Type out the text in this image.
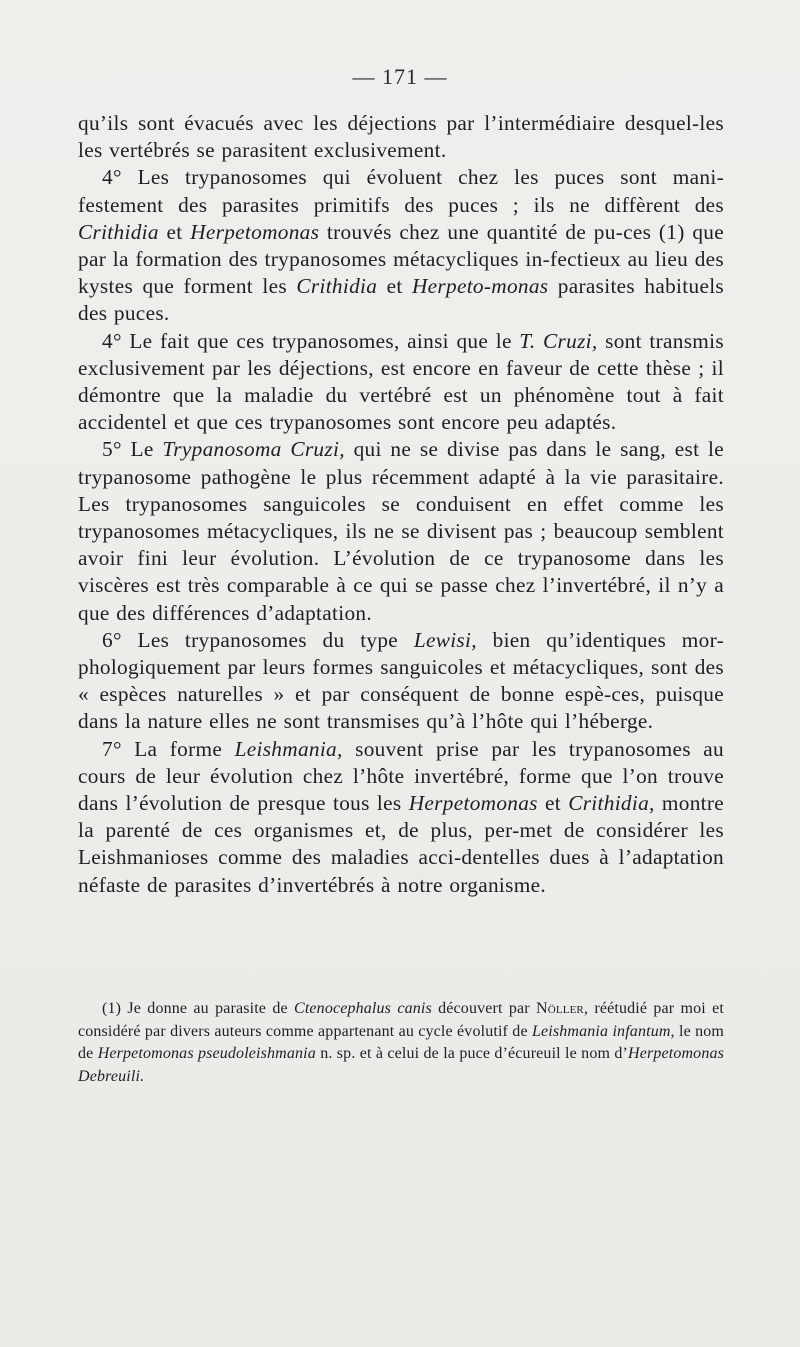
— 171 —

qu’ils sont évacués avec les déjections par l’intermédiaire desquel-les les vertébrés se parasitent exclusivement.

4° Les trypanosomes qui évoluent chez les puces sont mani-festement des parasites primitifs des puces ; ils ne diffèrent des Crithidia et Herpetomonas trouvés chez une quantité de pu-ces (1) que par la formation des trypanosomes métacycliques in-fectieux au lieu des kystes que forment les Crithidia et Herpeto-monas parasites habituels des puces.

4° Le fait que ces trypanosomes, ainsi que le T. Cruzi, sont transmis exclusivement par les déjections, est encore en faveur de cette thèse ; il démontre que la maladie du vertébré est un phénomène tout à fait accidentel et que ces trypanosomes sont encore peu adaptés.

5° Le Trypanosoma Cruzi, qui ne se divise pas dans le sang, est le trypanosome pathogène le plus récemment adapté à la vie parasitaire. Les trypanosomes sanguicoles se conduisent en effet comme les trypanosomes métacycliques, ils ne se divisent pas ; beaucoup semblent avoir fini leur évolution. L’évolution de ce trypanosome dans les viscères est très comparable à ce qui se passe chez l’invertébré, il n’y a que des différences d’adaptation.

6° Les trypanosomes du type Lewisi, bien qu’identiques mor-phologiquement par leurs formes sanguicoles et métacycliques, sont des « espèces naturelles » et par conséquent de bonne espè-ces, puisque dans la nature elles ne sont transmises qu’à l’hôte qui l’héberge.

7° La forme Leishmania, souvent prise par les trypanosomes au cours de leur évolution chez l’hôte invertébré, forme que l’on trouve dans l’évolution de presque tous les Herpetomonas et Crithidia, montre la parenté de ces organismes et, de plus, per-met de considérer les Leishmanioses comme des maladies acci-dentelles dues à l’adaptation néfaste de parasites d’invertébrés à notre organisme.

(1) Je donne au parasite de Ctenocephalus canis découvert par Nöller, réétudié par moi et considéré par divers auteurs comme appartenant au cycle évolutif de Leishmania infantum, le nom de Herpetomonas pseudoleishmania n. sp. et à celui de la puce d’écureuil le nom d’Herpetomonas Debreuili.
